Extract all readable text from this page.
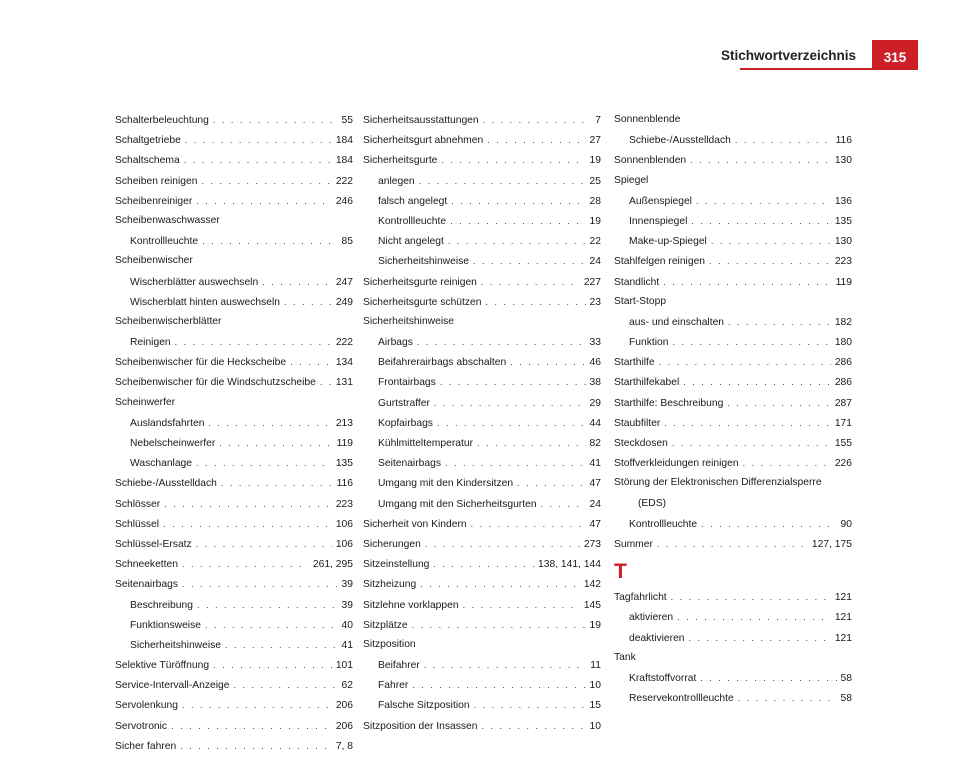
Stichwortverzeichnis	315
Schalterbeleuchtung . . .	55
Schaltgetriebe . . .	184
Schaltschema . . .	184
Scheiben reinigen . . .	222
Scheibenreiniger . . .	246
Scheibenwaschwasser
Kontrollleuchte . . .	85
Scheibenwischer
Wischerblätter auswechseln . . .	247
Wischerblatt hinten auswechseln . . .	249
Scheibenwischerblätter
Reinigen . . .	222
Scheibenwischer für die Heckscheibe . . .	134
Scheibenwischer für die Windschutzscheibe . . . 131
Scheinwerfer
Auslandsfahrten . . .	213
Nebelscheinwerfer . . .	119
Waschanlage . . .	135
Schiebe-/Ausstelldach . . .	116
Schlösser . . .	223
Schlüssel . . .	106
Schlüssel-Ersatz . . .	106
Schneeketten . . .	261, 295
Seitenairbags . . .	39
Beschreibung . . .	39
Funktionsweise . . .	40
Sicherheitshinweise . . .	41
Selektive Türöffnung . . .	101
Service-Intervall-Anzeige . . .	62
Servolenkung . . .	206
Servotronic . . .	206
Sicher fahren . . .	7, 8
Sicherheitsausstattungen . . .	7
Sicherheitsgurt abnehmen . . .	27
Sicherheitsgurte . . .	19
anlegen . . .	25
falsch angelegt . . .	28
Kontrollleuchte . . .	19
Nicht angelegt . . .	22
Sicherheitshinweise . . .	24
Sicherheitsgurte reinigen . . .	227
Sicherheitsgurte schützen . . .	23
Sicherheitshinweise
Airbags . . .	33
Beifahrerairbags abschalten . . .	46
Frontairbags . . .	38
Gurtstraffer . . .	29
Kopfairbags . . .	44
Kühlmitteltemperatur . . .	82
Seitenairbags . . .	41
Umgang mit den Kindersitzen . . .	47
Umgang mit den Sicherheitsgurten . . .	24
Sicherheit von Kindern . . .	47
Sicherungen . . .	273
Sitzeinstellung . . .	138, 141, 144
Sitzheizung . . .	142
Sitzlehne vorklappen . . .	145
Sitzplätze . . .	19
Sitzposition
Beifahrer . . .	11
Fahrer . . .	10
Falsche Sitzposition . . .	15
Sitzposition der Insassen . . .	10
Sonnenblende
Schiebe-/Ausstelldach . . .	116
Sonnenblenden . . .	130
Spiegel
Außenspiegel . . .	136
Innenspiegel . . .	135
Make-up-Spiegel . . .	130
Stahlfelgen reinigen . . .	223
Standlicht . . .	119
Start-Stopp
aus- und einschalten . . .	182
Funktion . . .	180
Starthilfe . . .	286
Starthilfekabel . . .	286
Starthilfe: Beschreibung . . .	287
Staubfilter . . .	171
Steckdosen . . .	155
Stoffverkleidungen reinigen . . .	226
Störung der Elektronischen Differenzialsperre
(EDS)
Kontrollleuchte . . .	90
Summer . . .	127, 175
T
Tagfahrlicht . . .	121
aktivieren . . .	121
deaktivieren . . .	121
Tank
Kraftstoffvorrat . . .	58
Reservekontrollleuchte . . .	58
